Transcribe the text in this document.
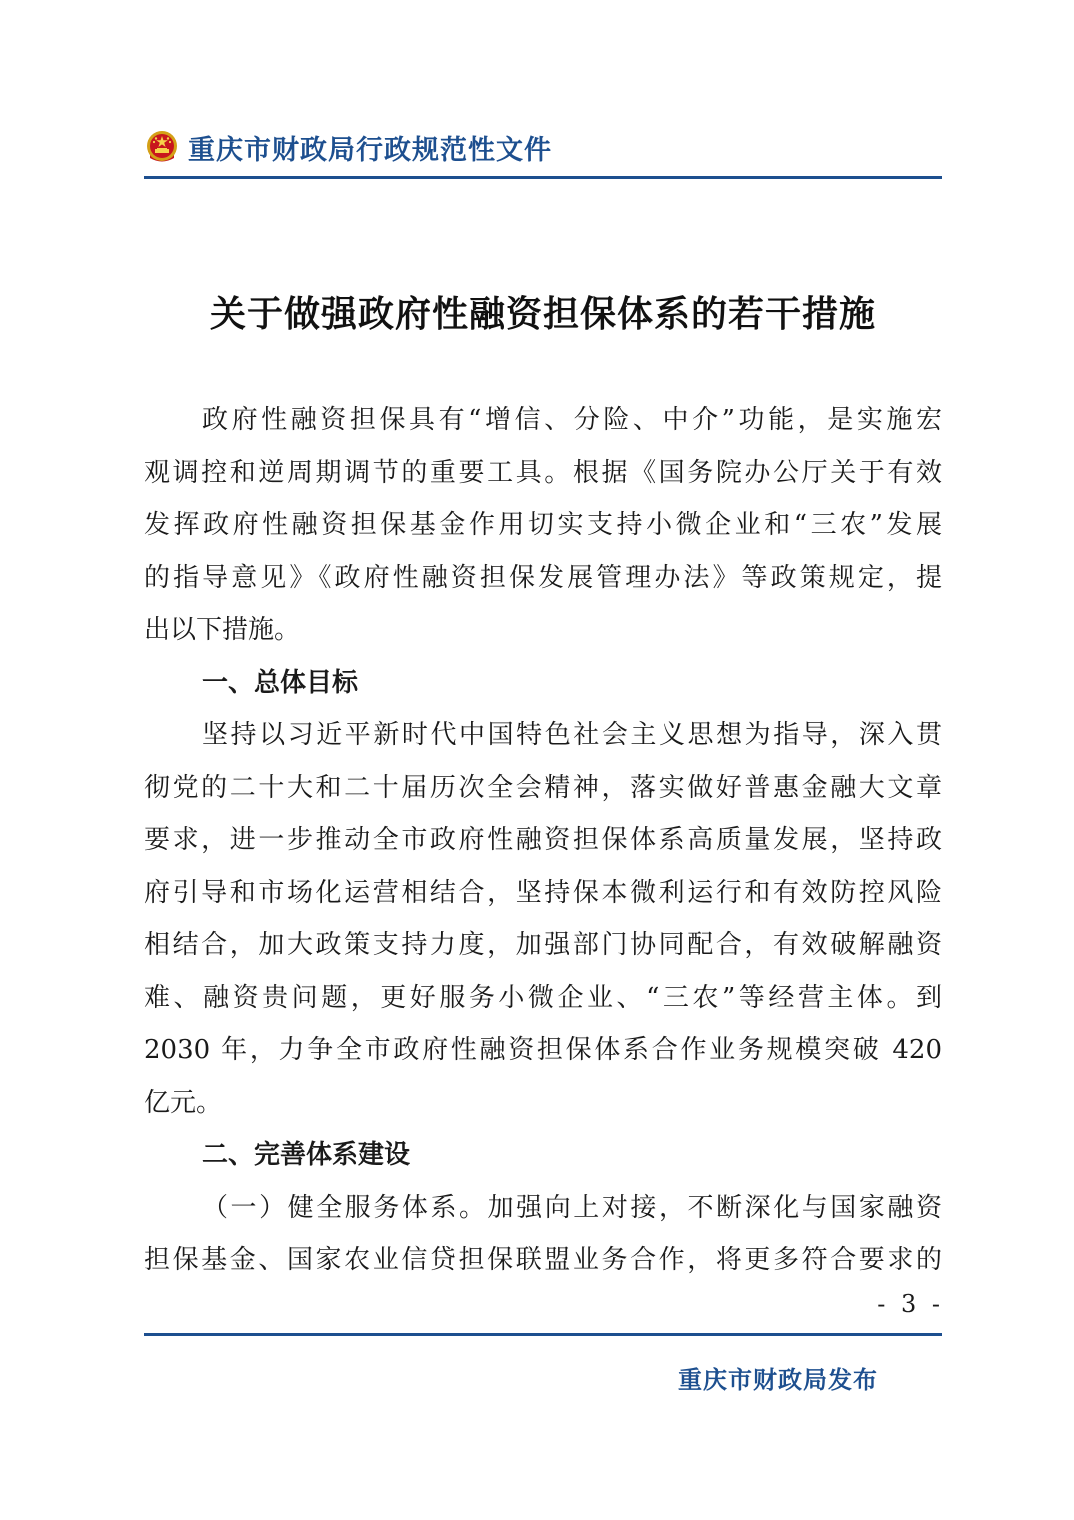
重庆市财政局行政规范性文件
关于做强政府性融资担保体系的若干措施
政府性融资担保具有“增信、分险、中介”功能，是实施宏
观调控和逆周期调节的重要工具。根据《国务院办公厅关于有效
发挥政府性融资担保基金作用切实支持小微企业和“三农”发展
的指导意见》《政府性融资担保发展管理办法》等政策规定，提
出以下措施。
一、总体目标
坚持以习近平新时代中国特色社会主义思想为指导，深入贯
彻党的二十大和二十届历次全会精神，落实做好普惠金融大文章
要求，进一步推动全市政府性融资担保体系高质量发展，坚持政
府引导和市场化运营相结合，坚持保本微利运行和有效防控风险
相结合，加大政策支持力度，加强部门协同配合，有效破解融资
难、融资贵问题，更好服务小微企业、“三农”等经营主体。到
2030 年，力争全市政府性融资担保体系合作业务规模突破 420
亿元。
二、完善体系建设
（一）健全服务体系。加强向上对接，不断深化与国家融资
担保基金、国家农业信贷担保联盟业务合作，将更多符合要求的
- 3 -
重庆市财政局发布
